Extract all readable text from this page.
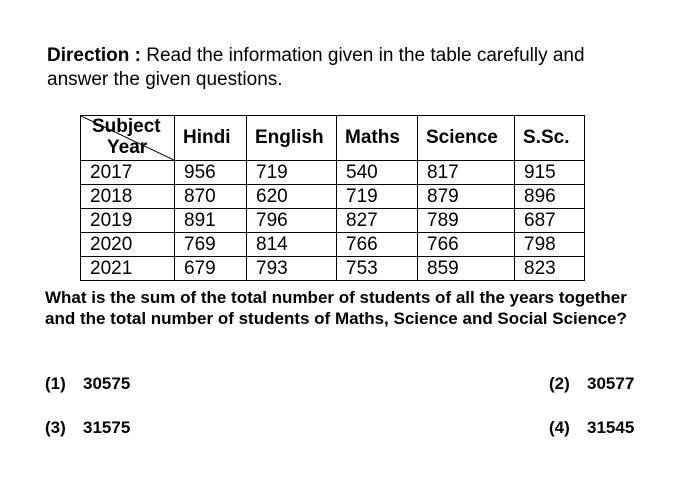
Direction : Read the information given in the table carefully and answer the given questions.
Subject
Year	Hindi	English	Maths	Science	S.Sc.
2017	956	719	540	817	915
2018	870	620	719	879	896
2019	891	796	827	789	687
2020	769	814	766	766	798
2021	679	793	753	859	823
What is the sum of the total number of students of all the years together and the total number of students of Maths, Science and Social Science?
(1) 30575	(2) 30577
(3) 31575	(4) 31545
